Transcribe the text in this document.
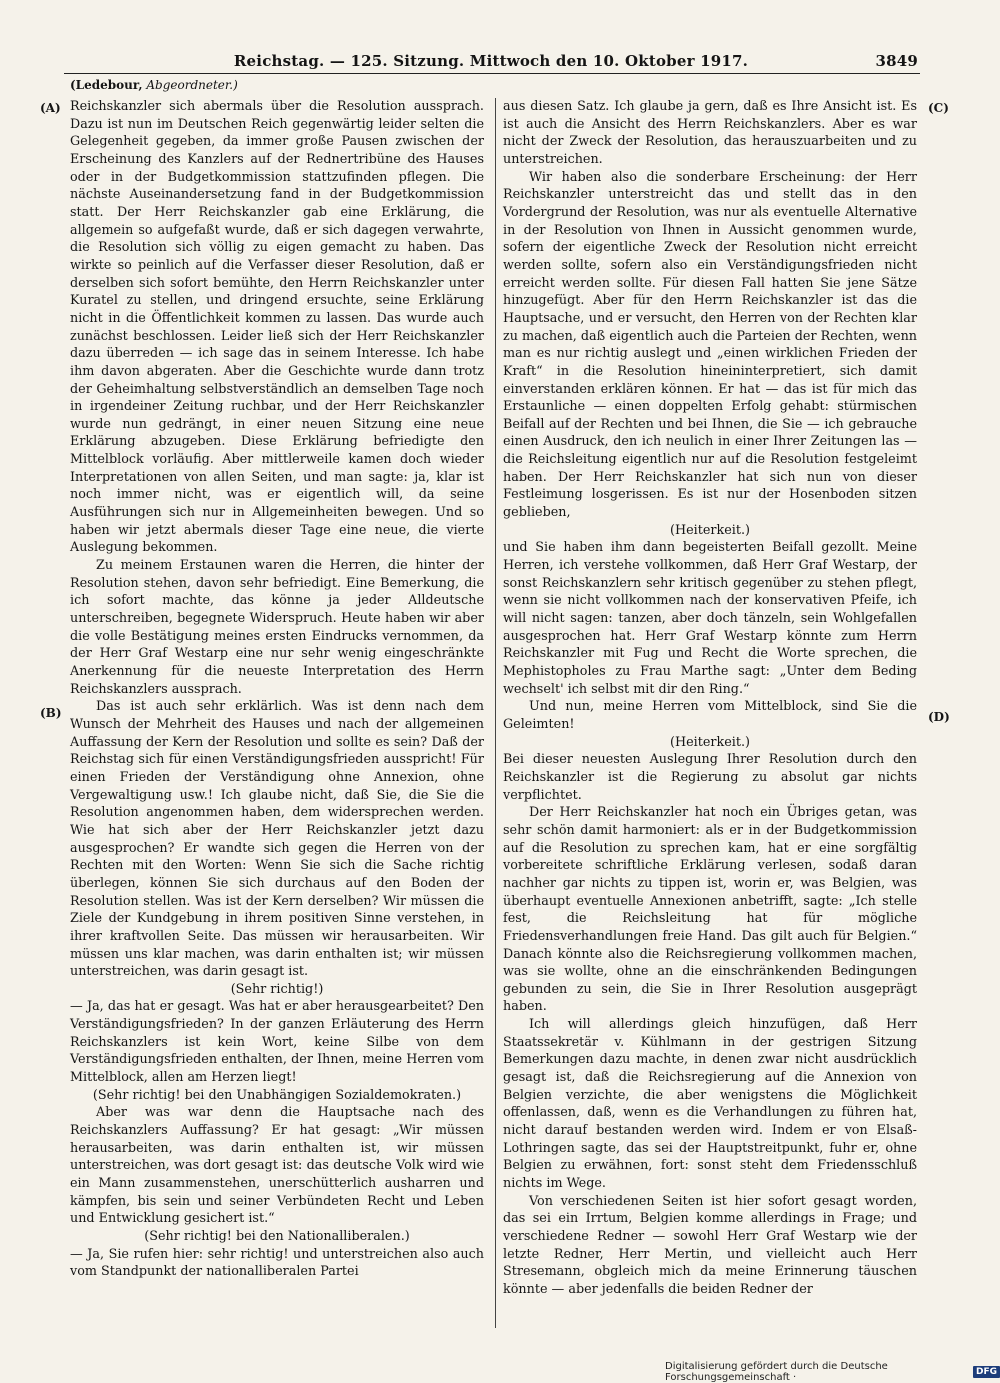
Reichstag. — 125. Sitzung. Mittwoch den 10. Oktober 1917.	3849
(Ledebour, Abgeordneter.)
(A)
(B)
(C)
(D)

Reichskanzler sich abermals über die Resolution aussprach. Dazu ist nun im Deutschen Reich gegenwärtig leider selten die Gelegenheit gegeben, da immer große Pausen zwischen der Erscheinung des Kanzlers auf der Rednertribüne des Hauses oder in der Budgetkommission stattzufinden pflegen. Die nächste Auseinandersetzung fand in der Budgetkommission statt. Der Herr Reichskanzler gab eine Erklärung, die allgemein so aufgefaßt wurde, daß er sich dagegen verwahrte, die Resolution sich völlig zu eigen gemacht zu haben. Das wirkte so peinlich auf die Verfasser dieser Resolution, daß er derselben sich sofort bemühte, den Herrn Reichskanzler unter Kuratel zu stellen, und dringend ersuchte, seine Erklärung nicht in die Öffentlichkeit kommen zu lassen. Das wurde auch zunächst beschlossen. Leider ließ sich der Herr Reichskanzler dazu überreden — ich sage das in seinem Interesse. Ich habe ihm davon abgeraten. Aber die Geschichte wurde dann trotz der Geheimhaltung selbstverständlich an demselben Tage noch in irgendeiner Zeitung ruchbar, und der Herr Reichskanzler wurde nun gedrängt, in einer neuen Sitzung eine neue Erklärung abzugeben. Diese Erklärung befriedigte den Mittelblock vorläufig. Aber mittlerweile kamen doch wieder Interpretationen von allen Seiten, und man sagte: ja, klar ist noch immer nicht, was er eigentlich will, da seine Ausführungen sich nur in Allgemeinheiten bewegen. Und so haben wir jetzt abermals dieser Tage eine neue, die vierte Auslegung bekommen.

Zu meinem Erstaunen waren die Herren, die hinter der Resolution stehen, davon sehr befriedigt. Eine Bemerkung, die ich sofort machte, das könne ja jeder Alldeutsche unterschreiben, begegnete Widerspruch. Heute haben wir aber die volle Bestätigung meines ersten Eindrucks vernommen, da der Herr Graf Westarp eine nur sehr wenig eingeschränkte Anerkennung für die neueste Interpretation des Herrn Reichskanzlers aussprach.

Das ist auch sehr erklärlich. Was ist denn nach dem Wunsch der Mehrheit des Hauses und nach der allgemeinen Auffassung der Kern der Resolution und sollte es sein? Daß der Reichstag sich für einen Verständigungsfrieden ausspricht! Für einen Frieden der Verständigung ohne Annexion, ohne Vergewaltigung usw.! Ich glaube nicht, daß Sie, die Sie die Resolution angenommen haben, dem widersprechen werden. Wie hat sich aber der Herr Reichskanzler jetzt dazu ausgesprochen? Er wandte sich gegen die Herren von der Rechten mit den Worten: Wenn Sie sich die Sache richtig überlegen, können Sie sich durchaus auf den Boden der Resolution stellen. Was ist der Kern derselben? Wir müssen die Ziele der Kundgebung in ihrem positiven Sinne verstehen, in ihrer kraftvollen Seite. Das müssen wir herausarbeiten. Wir müssen uns klar machen, was darin enthalten ist; wir müssen unterstreichen, was darin gesagt ist.

(Sehr richtig!)

— Ja, das hat er gesagt. Was hat er aber herausgearbeitet? Den Verständigungsfrieden? In der ganzen Erläuterung des Herrn Reichskanzlers ist kein Wort, keine Silbe von dem Verständigungsfrieden enthalten, der Ihnen, meine Herren vom Mittelblock, allen am Herzen liegt!

(Sehr richtig! bei den Unabhängigen Sozialdemokraten.)

Aber was war denn die Hauptsache nach des Reichskanzlers Auffassung? Er hat gesagt: „Wir müssen herausarbeiten, was darin enthalten ist, wir müssen unterstreichen, was dort gesagt ist: das deutsche Volk wird wie ein Mann zusammenstehen, unerschütterlich ausharren und kämpfen, bis sein und seiner Verbündeten Recht und Leben und Entwicklung gesichert ist.“

(Sehr richtig! bei den Nationalliberalen.)

— Ja, Sie rufen hier: sehr richtig! und unterstreichen also auch vom Standpunkt der nationalliberalen Partei

aus diesen Satz. Ich glaube ja gern, daß es Ihre Ansicht ist. Es ist auch die Ansicht des Herrn Reichskanzlers. Aber es war nicht der Zweck der Resolution, das herauszuarbeiten und zu unterstreichen.

Wir haben also die sonderbare Erscheinung: der Herr Reichskanzler unterstreicht das und stellt das in den Vordergrund der Resolution, was nur als eventuelle Alternative in der Resolution von Ihnen in Aussicht genommen wurde, sofern der eigentliche Zweck der Resolution nicht erreicht werden sollte, sofern also ein Verständigungsfrieden nicht erreicht werden sollte. Für diesen Fall hatten Sie jene Sätze hinzugefügt. Aber für den Herrn Reichskanzler ist das die Hauptsache, und er versucht, den Herren von der Rechten klar zu machen, daß eigentlich auch die Parteien der Rechten, wenn man es nur richtig auslegt und „einen wirklichen Frieden der Kraft“ in die Resolution hineininterpretiert, sich damit einverstanden erklären können. Er hat — das ist für mich das Erstaunliche — einen doppelten Erfolg gehabt: stürmischen Beifall auf der Rechten und bei Ihnen, die Sie — ich gebrauche einen Ausdruck, den ich neulich in einer Ihrer Zeitungen las — die Reichsleitung eigentlich nur auf die Resolution festgeleimt haben. Der Herr Reichskanzler hat sich nun von dieser Festleimung losgerissen. Es ist nur der Hosenboden sitzen geblieben,

(Heiterkeit.)

und Sie haben ihm dann begeisterten Beifall gezollt. Meine Herren, ich verstehe vollkommen, daß Herr Graf Westarp, der sonst Reichskanzlern sehr kritisch gegenüber zu stehen pflegt, wenn sie nicht vollkommen nach der konservativen Pfeife, ich will nicht sagen: tanzen, aber doch tänzeln, sein Wohlgefallen ausgesprochen hat. Herr Graf Westarp könnte zum Herrn Reichskanzler mit Fug und Recht die Worte sprechen, die Mephistopholes zu Frau Marthe sagt: „Unter dem Beding wechselt' ich selbst mit dir den Ring.“

Und nun, meine Herren vom Mittelblock, sind Sie die Geleimten!

(Heiterkeit.)

Bei dieser neuesten Auslegung Ihrer Resolution durch den Reichskanzler ist die Regierung zu absolut gar nichts verpflichtet.

Der Herr Reichskanzler hat noch ein Übriges getan, was sehr schön damit harmoniert: als er in der Budgetkommission auf die Resolution zu sprechen kam, hat er eine sorgfältig vorbereitete schriftliche Erklärung verlesen, sodaß daran nachher gar nichts zu tippen ist, worin er, was Belgien, was überhaupt eventuelle Annexionen anbetrifft, sagte: „Ich stelle fest, die Reichsleitung hat für mögliche Friedensverhandlungen freie Hand. Das gilt auch für Belgien.“ Danach könnte also die Reichsregierung vollkommen machen, was sie wollte, ohne an die einschränkenden Bedingungen gebunden zu sein, die Sie in Ihrer Resolution ausgeprägt haben.

Ich will allerdings gleich hinzufügen, daß Herr Staatssekretär v. Kühlmann in der gestrigen Sitzung Bemerkungen dazu machte, in denen zwar nicht ausdrücklich gesagt ist, daß die Reichsregierung auf die Annexion von Belgien verzichte, die aber wenigstens die Möglichkeit offenlassen, daß, wenn es die Verhandlungen zu führen hat, nicht darauf bestanden werden wird. Indem er von Elsaß-Lothringen sagte, das sei der Hauptstreitpunkt, fuhr er, ohne Belgien zu erwähnen, fort: sonst steht dem Friedensschluß nichts im Wege.

Von verschiedenen Seiten ist hier sofort gesagt worden, das sei ein Irrtum, Belgien komme allerdings in Frage; und verschiedene Redner — sowohl Herr Graf Westarp wie der letzte Redner, Herr Mertin, und vielleicht auch Herr Stresemann, obgleich mich da meine Erinnerung täuschen könnte — aber jedenfalls die beiden Redner der

Digitalisierung gefördert durch die Deutsche Forschungsgemeinschaft ·	DFG
